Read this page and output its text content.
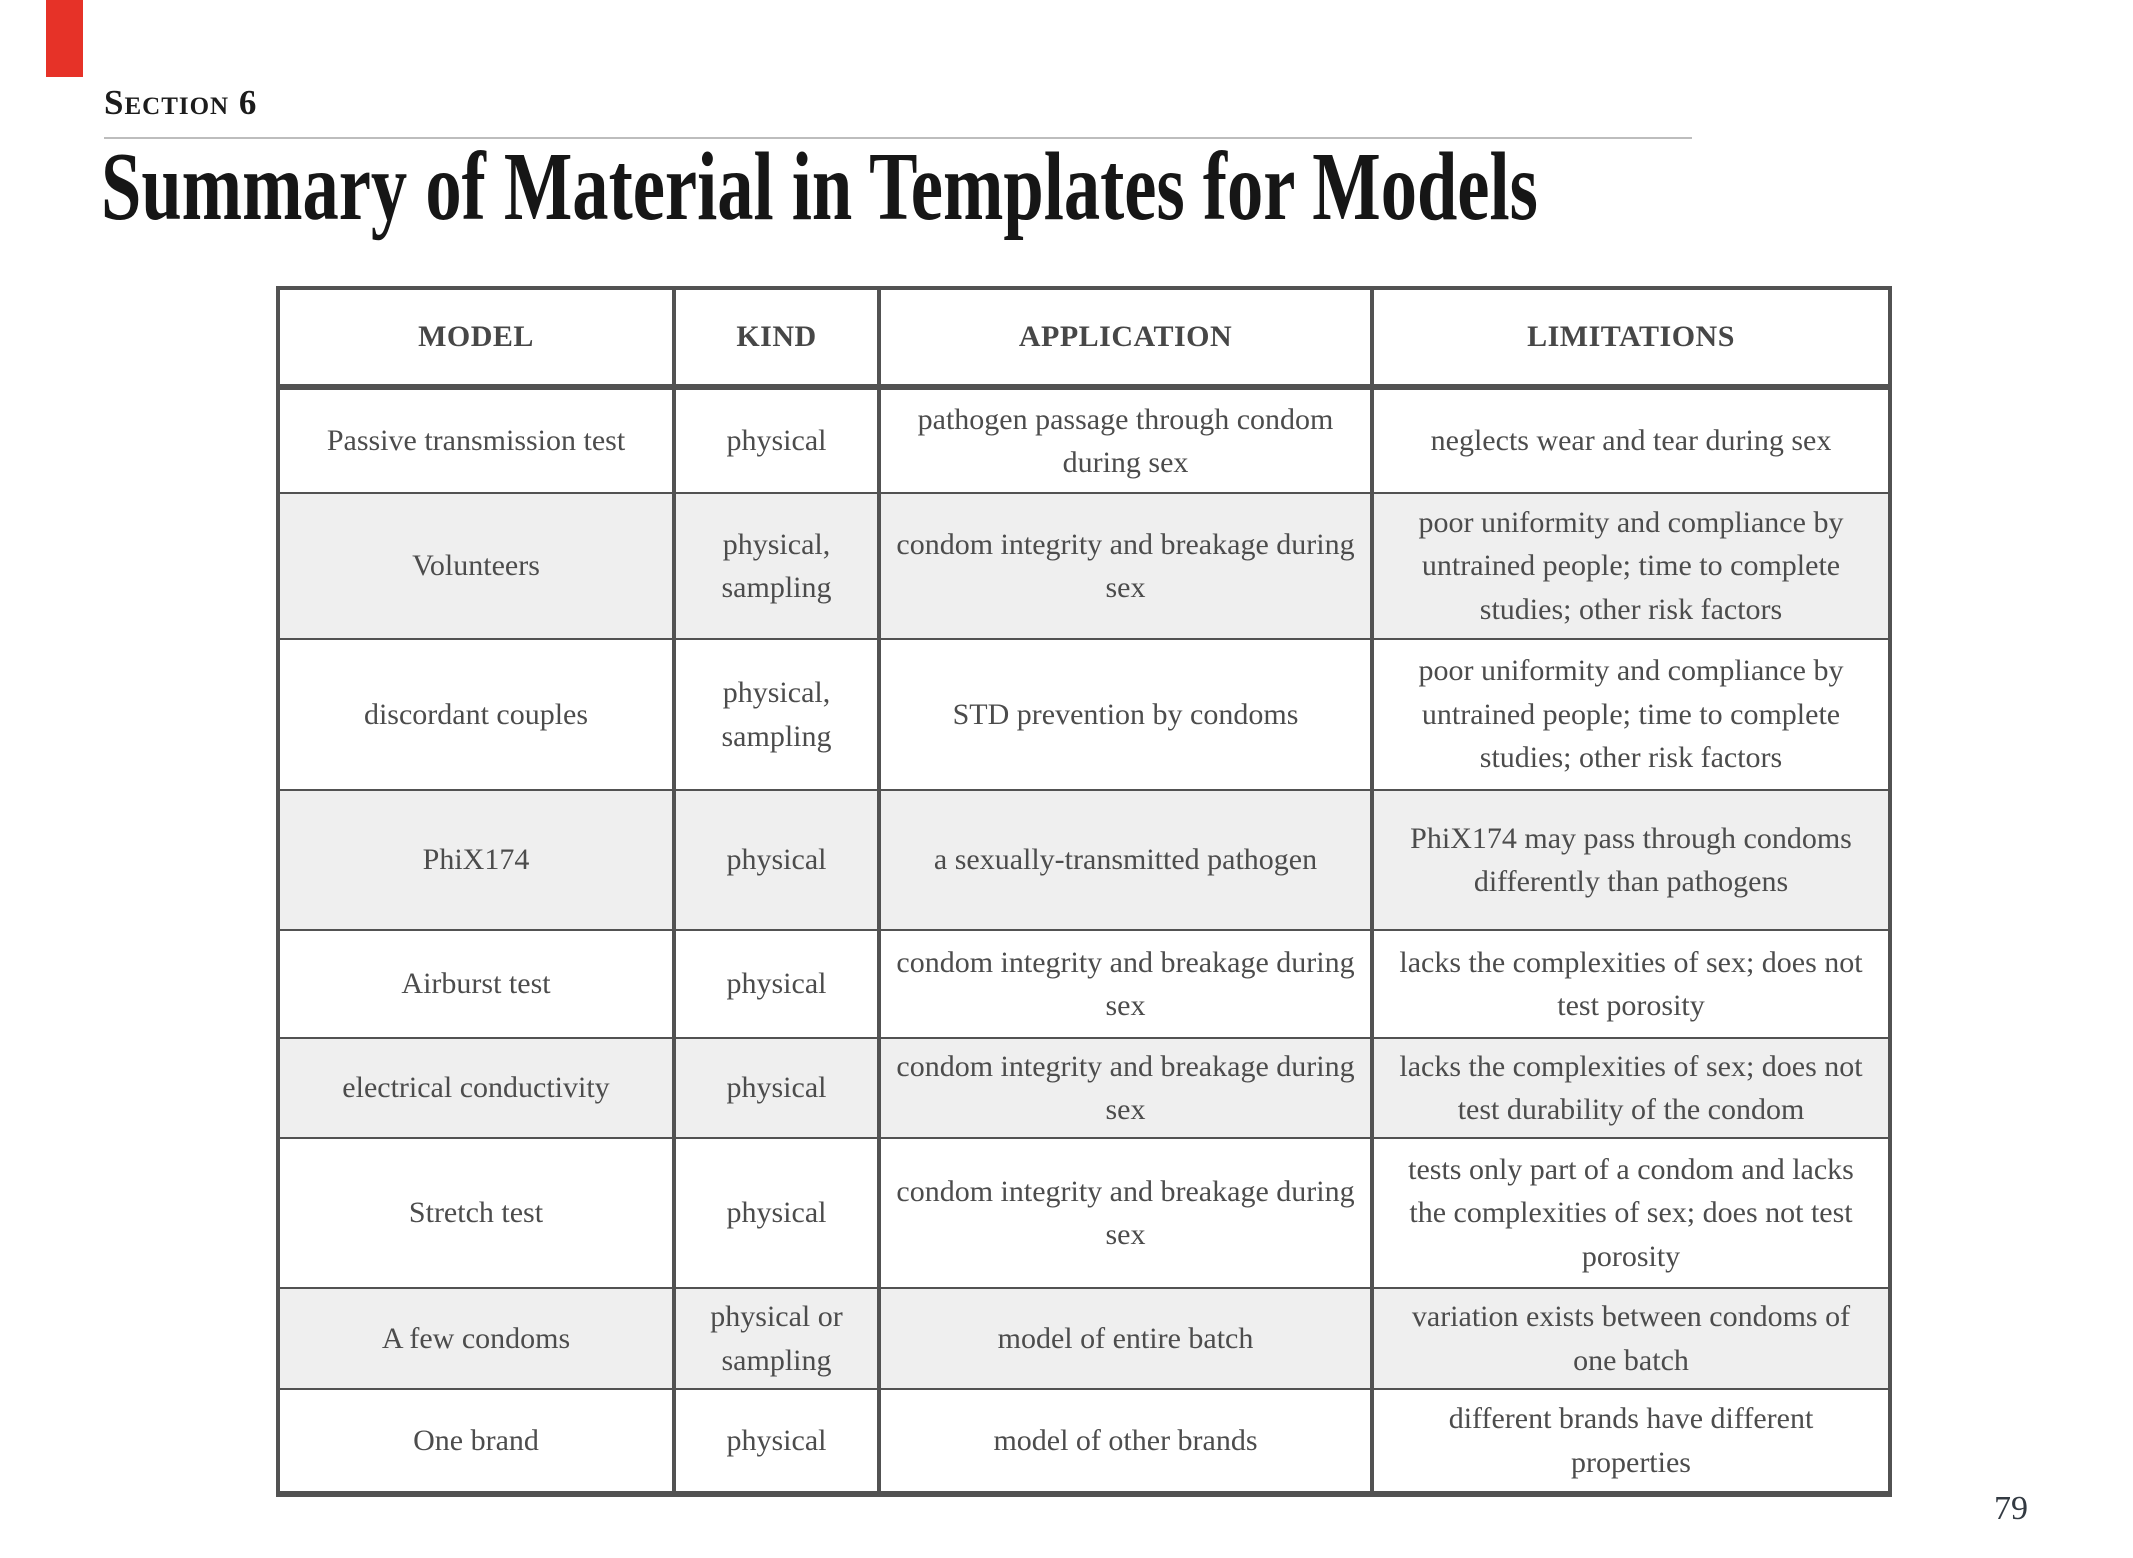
Section 6
Summary of Material in Templates for Models
MODEL	KIND	APPLICATION	LIMITATIONS
Passive transmission test	physical	pathogen passage through condom during sex	neglects wear and tear during sex
Volunteers	physical, sampling	condom integrity and breakage during sex	poor uniformity and compliance by untrained people; time to complete studies; other risk factors
discordant couples	physical, sampling	STD prevention by condoms	poor uniformity and compliance by untrained people; time to complete studies; other risk factors
PhiX174	physical	a sexually-transmitted pathogen	PhiX174 may pass through condoms differently than pathogens
Airburst test	physical	condom integrity and breakage during sex	lacks the complexities of sex; does not test porosity
electrical conductivity	physical	condom integrity and breakage during sex	lacks the complexities of sex; does not test durability of the condom
Stretch test	physical	condom integrity and breakage during sex	tests only part of a condom and lacks the complexities of sex; does not test porosity
A few condoms	physical or sampling	model of entire batch	variation exists between condoms of one batch
One brand	physical	model of other brands	different brands have different properties
79
